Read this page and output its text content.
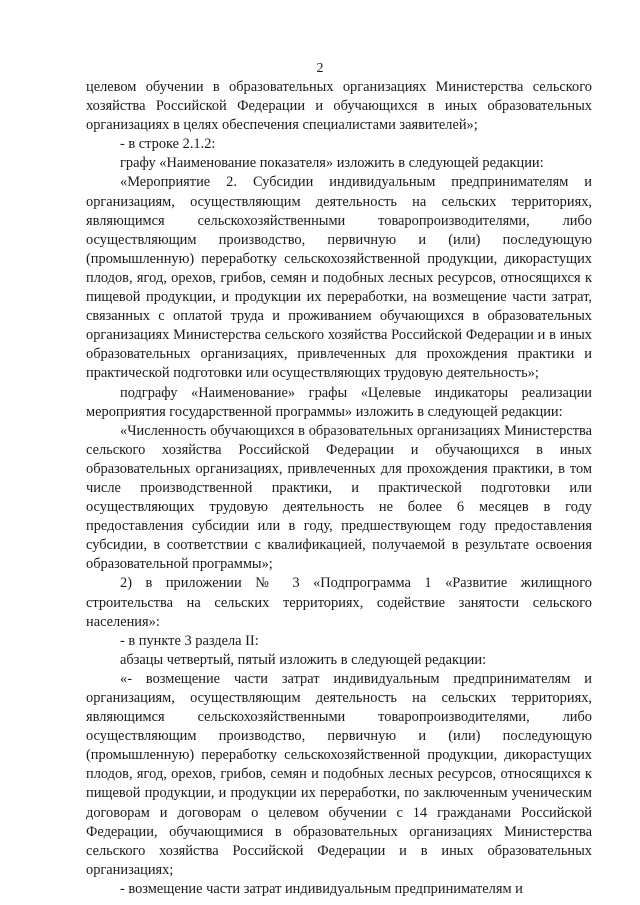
2

целевом обучении в образовательных организациях Министерства сельского хозяйства Российской Федерации и обучающихся в иных образовательных организациях в целях обеспечения специалистами заявителей»;

- в строке 2.1.2:

графу «Наименование показателя» изложить в следующей редакции:

«Мероприятие 2. Субсидии индивидуальным предпринимателям и организациям, осуществляющим деятельность на сельских территориях, являющимся сельскохозяйственными товаропроизводителями, либо осуществляющим производство, первичную и (или) последующую (промышленную) переработку сельскохозяйственной продукции, дикорастущих плодов, ягод, орехов, грибов, семян и подобных лесных ресурсов, относящихся к пищевой продукции, и продукции их переработки, на возмещение части затрат, связанных с оплатой труда и проживанием обучающихся в образовательных организациях Министерства сельского хозяйства Российской Федерации и в иных образовательных организациях, привлеченных для прохождения практики и практической подготовки или осуществляющих трудовую деятельность»;

подграфу «Наименование» графы «Целевые индикаторы реализации мероприятия государственной программы» изложить в следующей редакции:

«Численность обучающихся в образовательных организациях Министерства сельского хозяйства Российской Федерации и обучающихся в иных образовательных организациях, привлеченных для прохождения практики, в том числе производственной практики, и практической подготовки или осуществляющих трудовую деятельность не более 6 месяцев в году предоставления субсидии или в году, предшествующем году предоставления субсидии, в соответствии с квалификацией, получаемой в результате освоения образовательной программы»;

2) в приложении № 3 «Подпрограмма 1 «Развитие жилищного строительства на сельских территориях, содействие занятости сельского населения»:

- в пункте 3 раздела II:

абзацы четвертый, пятый изложить в следующей редакции:

«- возмещение части затрат индивидуальным предпринимателям и организациям, осуществляющим деятельность на сельских территориях, являющимся сельскохозяйственными товаропроизводителями, либо осуществляющим производство, первичную и (или) последующую (промышленную) переработку сельскохозяйственной продукции, дикорастущих плодов, ягод, орехов, грибов, семян и подобных лесных ресурсов, относящихся к пищевой продукции, и продукции их переработки, по заключенным ученическим договорам и договорам о целевом обучении с 14 гражданами Российской Федерации, обучающимися в образовательных организациях Министерства сельского хозяйства Российской Федерации и в иных образовательных организациях;

- возмещение части затрат индивидуальным предпринимателям и
